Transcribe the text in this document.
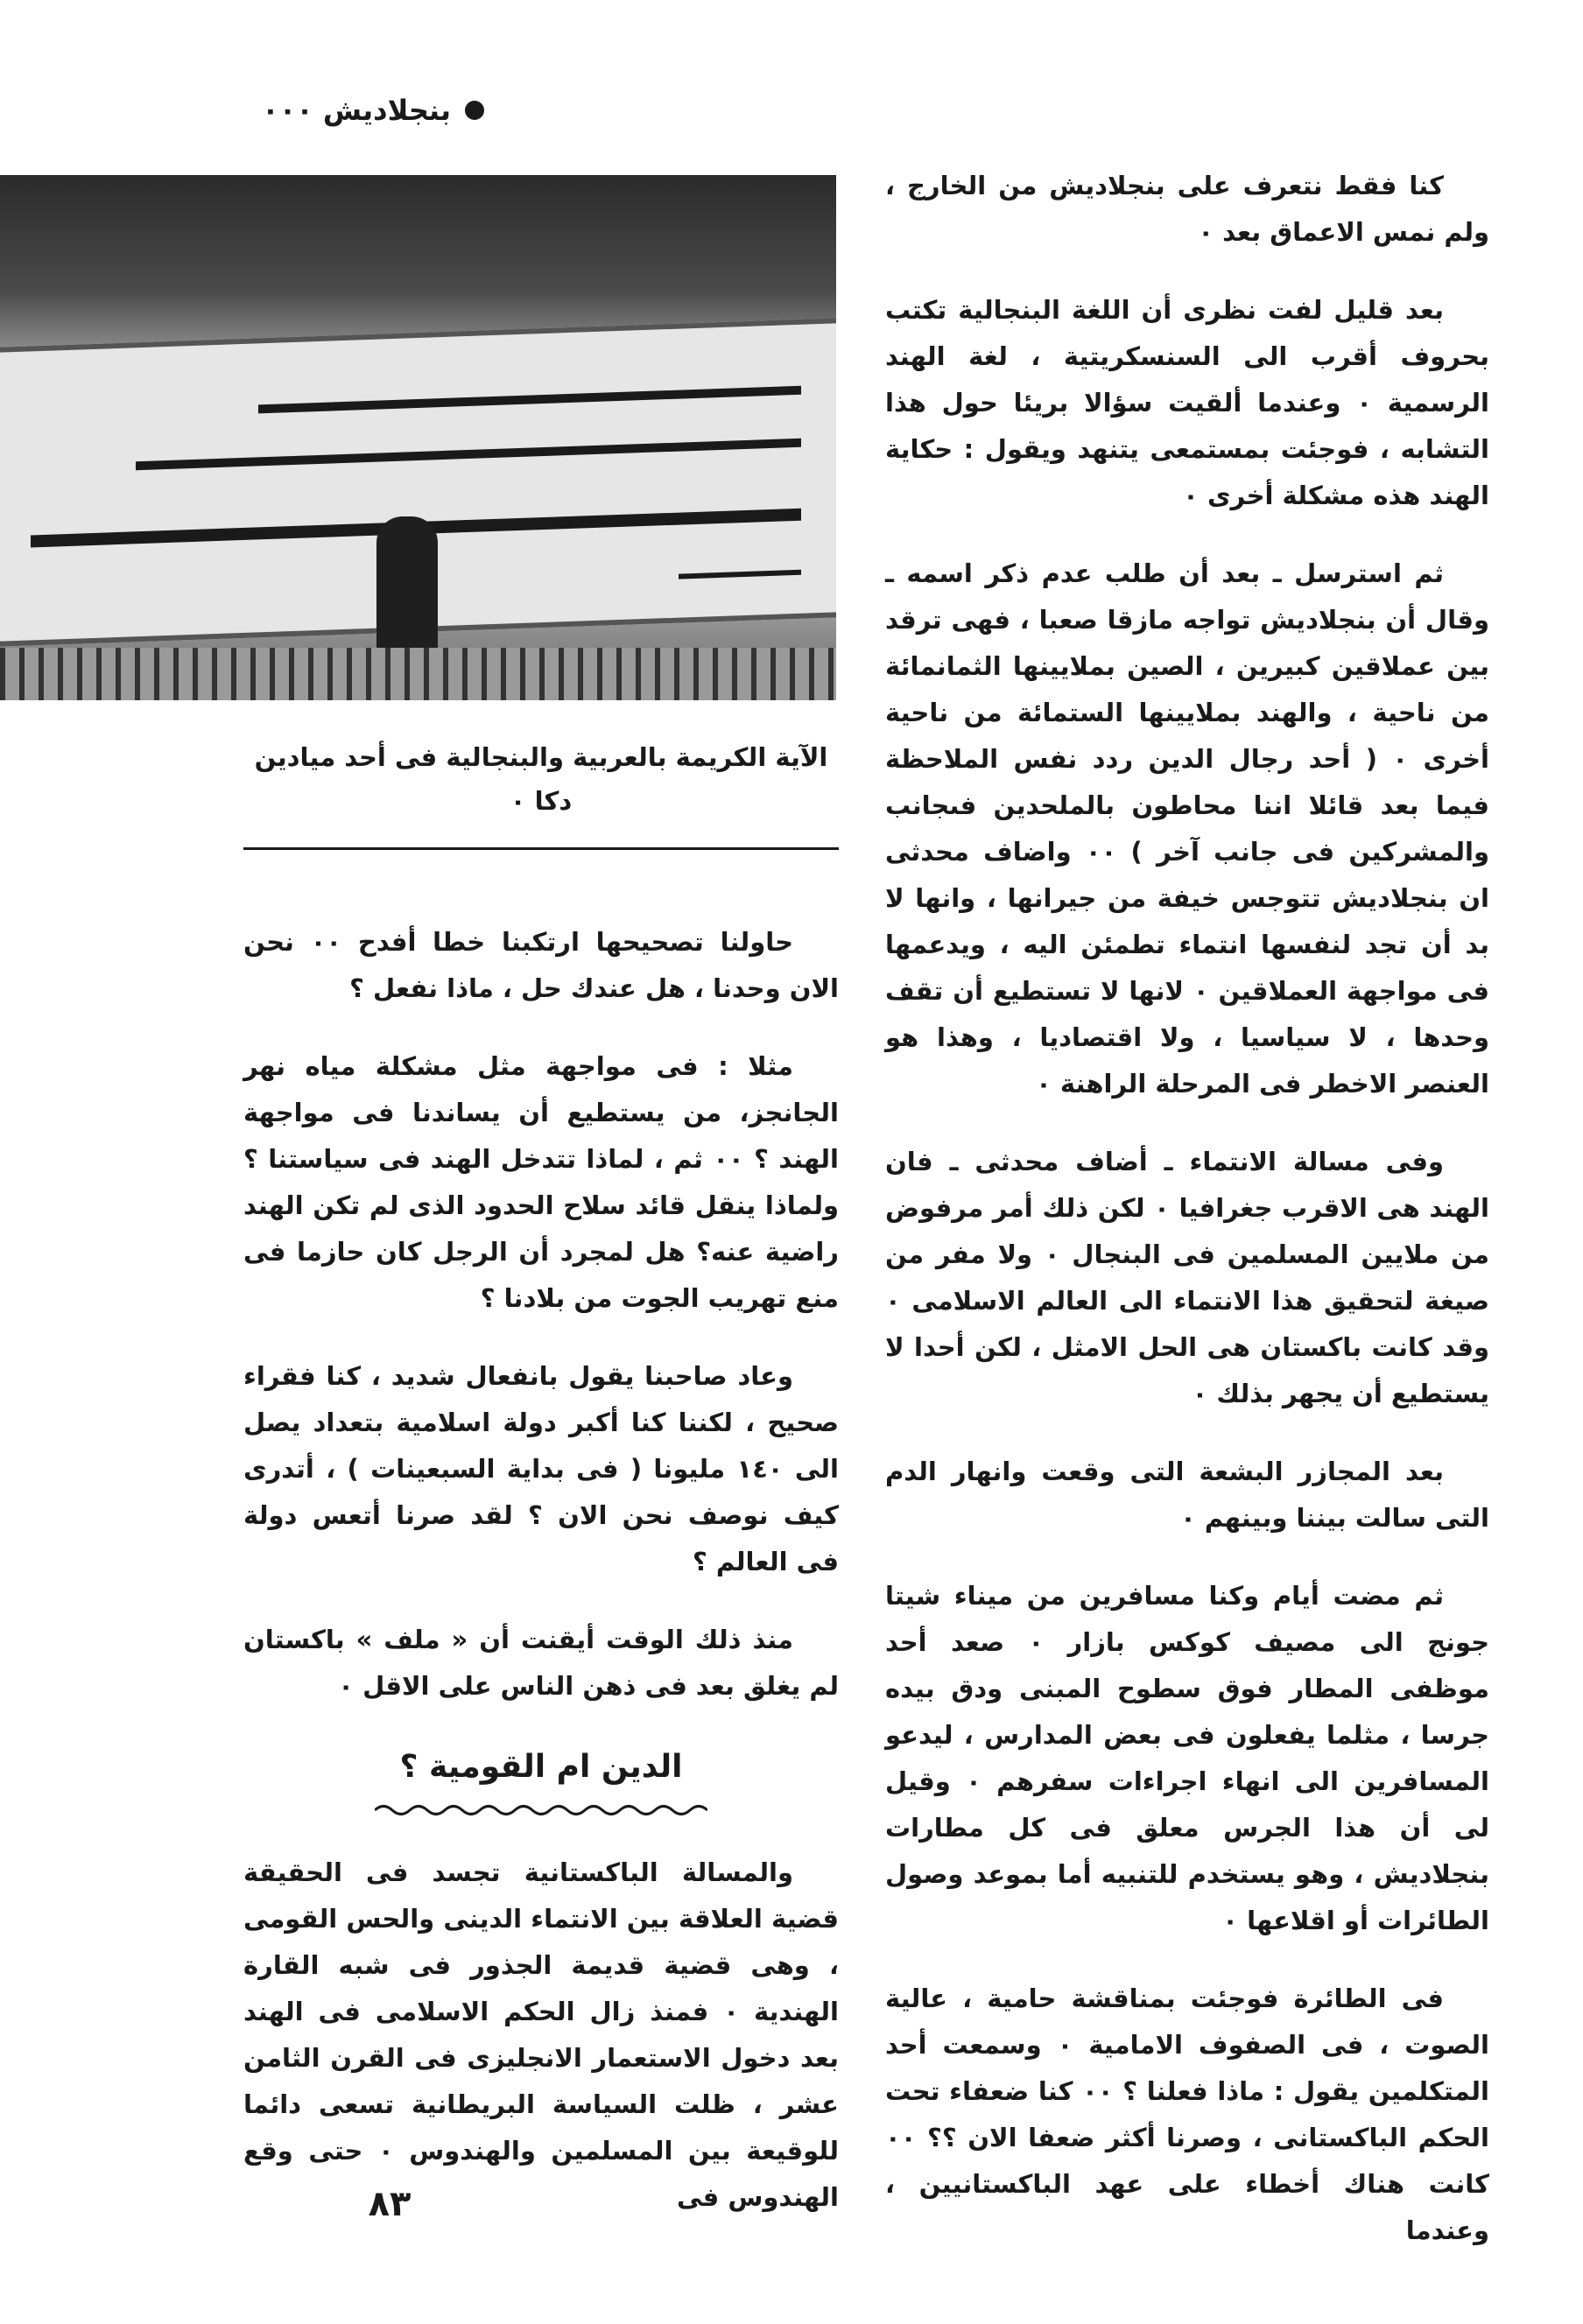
بنجلاديش ٠٠٠
الآية الكريمة بالعربية والبنجالية فى أحد ميادين دكا ٠

كنا فقط نتعرف على بنجلاديش من الخارج ، ولم نمس الاعماق بعد ٠

بعد قليل لفت نظرى أن اللغة البنجالية تكتب بحروف أقرب الى السنسكريتية ، لغة الهند الرسمية ٠ وعندما ألقيت سؤالا بريئا حول هذا التشابه ، فوجئت بمستمعى يتنهد ويقول : حكاية الهند هذه مشكلة أخرى ٠

ثم استرسل ـ بعد أن طلب عدم ذكر اسمه ـ وقال أن بنجلاديش تواجه مازقا صعبا ، فهى ترقد بين عملاقين كبيرين ، الصين بملايينها الثمانمائة من ناحية ، والهند بملايينها الستمائة من ناحية أخرى ٠ ( أحد رجال الدين ردد نفس الملاحظة فيما بعد قائلا اننا محاطون بالملحدين فىجانب والمشركين فى جانب آخر ) ٠٠ واضاف محدثى ان بنجلاديش تتوجس خيفة من جيرانها ، وانها لا بد أن تجد لنفسها انتماء تطمئن اليه ، ويدعمها فى مواجهة العملاقين ٠ لانها لا تستطيع أن تقف وحدها ، لا سياسيا ، ولا اقتصاديا ، وهذا هو العنصر الاخطر فى المرحلة الراهنة ٠

وفى مسالة الانتماء ـ أضاف محدثى ـ فان الهند هى الاقرب جغرافيا ٠ لكن ذلك أمر مرفوض من ملايين المسلمين فى البنجال ٠ ولا مفر من صيغة لتحقيق هذا الانتماء الى العالم الاسلامى ٠ وقد كانت باكستان هى الحل الامثل ، لكن أحدا لا يستطيع أن يجهر بذلك ٠

بعد المجازر البشعة التى وقعت وانهار الدم التى سالت بيننا وبينهم ٠

ثم مضت أيام وكنا مسافرين من ميناء شيتا جونج الى مصيف كوكس بازار ٠ صعد أحد موظفى المطار فوق سطوح المبنى ودق بيده جرسا ، مثلما يفعلون فى بعض المدارس ، ليدعو المسافرين الى انهاء اجراءات سفرهم ٠ وقيل لى أن هذا الجرس معلق فى كل مطارات بنجلاديش ، وهو يستخدم للتنبيه أما بموعد وصول الطائرات أو اقلاعها ٠

فى الطائرة فوجئت بمناقشة حامية ، عالية الصوت ، فى الصفوف الامامية ٠ وسمعت أحد المتكلمين يقول : ماذا فعلنا ؟ ٠٠ كنا ضعفاء تحت الحكم الباكستانى ، وصرنا أكثر ضعفا الان ؟؟ ٠٠ كانت هناك أخطاء على عهد الباكستانيين ، وعندما

حاولنا تصحيحها ارتكبنا خطا أفدح ٠٠ نحن الان وحدنا ، هل عندك حل ، ماذا نفعل ؟

مثلا : فى مواجهة مثل مشكلة مياه نهر الجانجز، من يستطيع أن يساندنا فى مواجهة الهند ؟ ٠٠ ثم ، لماذا تتدخل الهند فى سياستنا ؟ ولماذا ينقل قائد سلاح الحدود الذى لم تكن الهند راضية عنه؟ هل لمجرد أن الرجل كان حازما فى منع تهريب الجوت من بلادنا ؟

وعاد صاحبنا يقول بانفعال شديد ، كنا فقراء صحيح ، لكننا كنا أكبر دولة اسلامية بتعداد يصل الى ١٤٠ مليونا ( فى بداية السبعينات ) ، أتدرى كيف نوصف نحن الان ؟ لقد صرنا أتعس دولة فى العالم ؟

منذ ذلك الوقت أيقنت أن « ملف » باكستان لم يغلق بعد فى ذهن الناس على الاقل ٠

الدين ام القومية ؟

والمسالة الباكستانية تجسد فى الحقيقة قضية العلاقة بين الانتماء الدينى والحس القومى ، وهى قضية قديمة الجذور فى شبه القارة الهندية ٠ فمنذ زال الحكم الاسلامى فى الهند بعد دخول الاستعمار الانجليزى فى القرن الثامن عشر ، ظلت السياسة البريطانية تسعى دائما للوقيعة بين المسلمين والهندوس ٠ حتى وقع الهندوس فى

٨٣
